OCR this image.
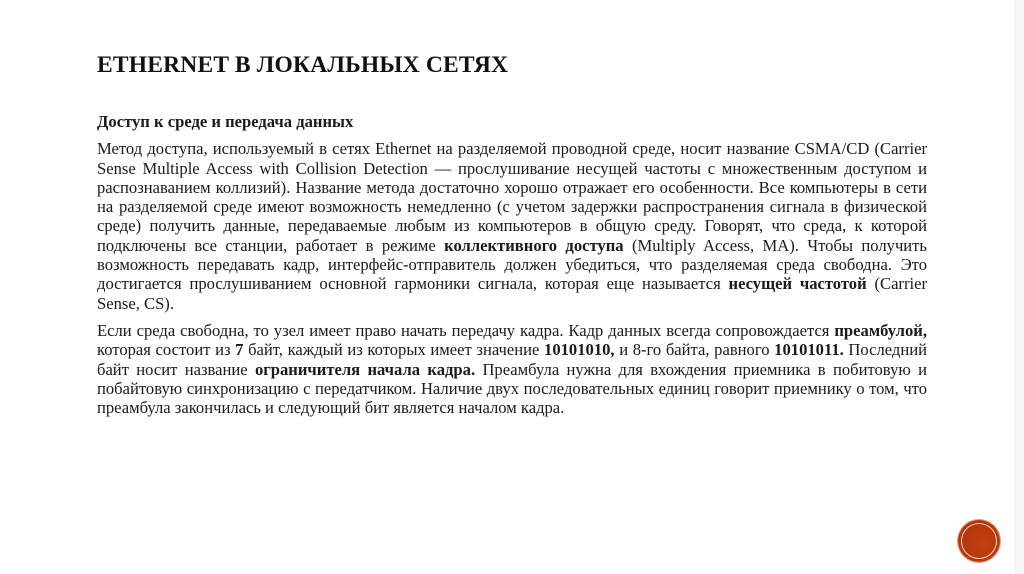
ETHERNET В ЛОКАЛЬНЫХ СЕТЯХ

Доступ к среде и передача данных

Метод доступа, используемый в сетях Ethernet на разделяемой проводной среде, носит название CSMA/CD (Carrier Sense Multiple Access with Collision Detection — прослушивание несущей частоты с множественным доступом и распознаванием коллизий). Название метода достаточно хорошо отражает его особенности. Все компьютеры в сети на разделяемой среде имеют возможность немедленно (с учетом задержки распространения сигнала в физической среде) получить данные, передаваемые любым из компьютеров в общую среду. Говорят, что среда, к которой подключены все станции, работает в режиме коллективного доступа (Multiply Access, MA). Чтобы получить возможность передавать кадр, интерфейс-отправитель должен убедиться, что разделяемая среда свободна. Это достигается прослушиванием основной гармоники сигнала, которая еще называется несущей частотой (Carrier Sense, CS).

Если среда свободна, то узел имеет право начать передачу кадра. Кадр данных всегда сопровождается преамбулой, которая состоит из 7 байт, каждый из которых имеет значение 10101010, и 8-го байта, равного 10101011. Последний байт носит название ограничителя начала кадра. Преамбула нужна для вхождения приемника в побитовую и побайтовую синхронизацию с передатчиком. Наличие двух последовательных единиц говорит приемнику о том, что преамбула закончилась и следующий бит является началом кадра.
